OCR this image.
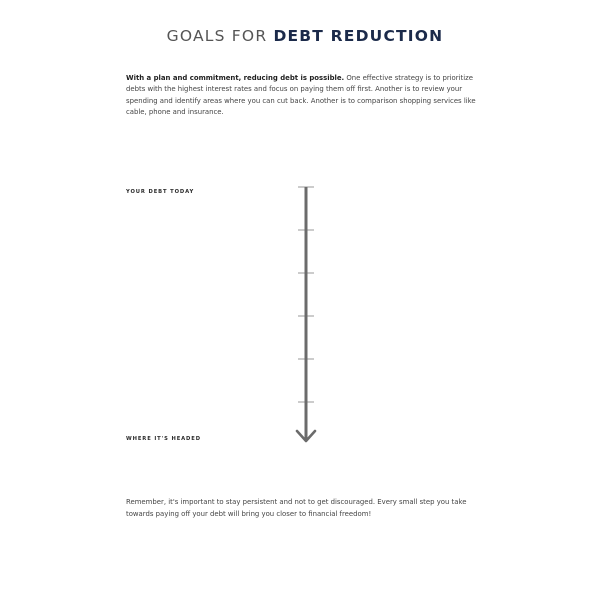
GOALS FOR DEBT REDUCTION
With a plan and commitment, reducing debt is possible. One effective strategy is to prioritize debts with the highest interest rates and focus on paying them off first. Another is to review your spending and identify areas where you can cut back. Another is to comparison shopping services like cable, phone and insurance.
YOUR DEBT TODAY
WHERE IT'S HEADED
Remember, it's important to stay persistent and not to get discouraged. Every small step you take towards paying off your debt will bring you closer to financial freedom!
